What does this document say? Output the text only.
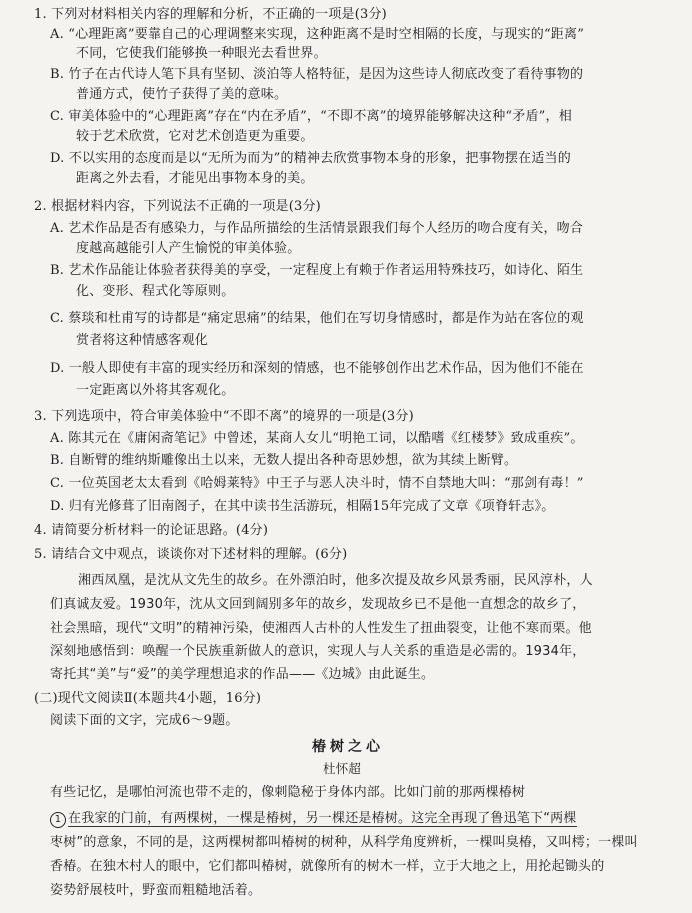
1. 下列对材料相关内容的理解和分析，不正确的一项是(3分)
A. “心理距离”要靠自己的心理调整来实现，这种距离不是时空相隔的长度，与现实的“距离”
不同，它使我们能够换一种眼光去看世界。
B. 竹子在古代诗人笔下具有坚韧、淡泊等人格特征，是因为这些诗人彻底改变了看待事物的
普通方式，使竹子获得了美的意味。
C. 审美体验中的“心理距离”存在“内在矛盾”，“不即不离”的境界能够解决这种“矛盾”，相
较于艺术欣赏，它对艺术创造更为重要。
D. 不以实用的态度而是以“无所为而为”的精神去欣赏事物本身的形象，把事物摆在适当的
距离之外去看，才能见出事物本身的美。
2. 根据材料内容，下列说法不正确的一项是(3分)
A. 艺术作品是否有感染力，与作品所描绘的生活情景跟我们每个人经历的吻合度有关，吻合
度越高越能引人产生愉悦的审美体验。
B. 艺术作品能让体验者获得美的享受，一定程度上有赖于作者运用特殊技巧，如诗化、陌生
化、变形、程式化等原则。
C. 蔡琰和杜甫写的诗都是“痛定思痛”的结果，他们在写切身情感时，都是作为站在客位的观
赏者将这种情感客观化
D. 一般人即使有丰富的现实经历和深刻的情感，也不能够创作出艺术作品，因为他们不能在
一定距离以外将其客观化。
3. 下列选项中，符合审美体验中“不即不离”的境界的一项是(3分)
A. 陈其元在《庸闲斋笔记》中曾述，某商人女儿“明艳工词，以酷嗜《红楼梦》致成重疾”。
B. 自断臂的维纳斯雕像出土以来，无数人提出各种奇思妙想，欲为其续上断臂。
C. 一位英国老太太看到《哈姆莱特》中王子与恶人决斗时，情不自禁地大叫：“那剑有毒！”
D. 归有光修葺了旧南阁子，在其中读书生活游玩，相隔15年完成了文章《项脊轩志》。
4. 请简要分析材料一的论证思路。(4分)
5. 请结合文中观点，谈谈你对下述材料的理解。(6分)
湘西凤凰，是沈从文先生的故乡。在外漂泊时，他多次提及故乡风景秀丽，民风淳朴，人
们真诚友爱。1930年，沈从文回到阔别多年的故乡，发现故乡已不是他一直想念的故乡了，
社会黑暗，现代“文明”的精神污染，使湘西人古朴的人性发生了扭曲裂变，让他不寒而栗。他
深刻地感悟到：唤醒一个民族重新做人的意识，实现人与人关系的重造是必需的。1934年，
寄托其“美”与“爱”的美学理想追求的作品——《边城》由此诞生。
(二)现代文阅读Ⅱ(本题共4小题，16分)
阅读下面的文字，完成6～9题。
椿树之心
杜怀超
有些记忆，是哪怕河流也带不走的，像刺隐秘于身体内部。比如门前的那两棵椿树
1 在我家的门前，有两棵树，一棵是椿树，另一棵还是椿树。这完全再现了鲁迅笔下“两棵
枣树”的意象，不同的是，这两棵树都叫椿树的树种，从科学角度辨析，一棵叫臭椿，又叫樗；一棵叫
香椿。在独木村人的眼中，它们都叫椿树，就像所有的树木一样，立于大地之上，用抡起锄头的
姿势舒展枝叶，野蛮而粗糙地活着。
